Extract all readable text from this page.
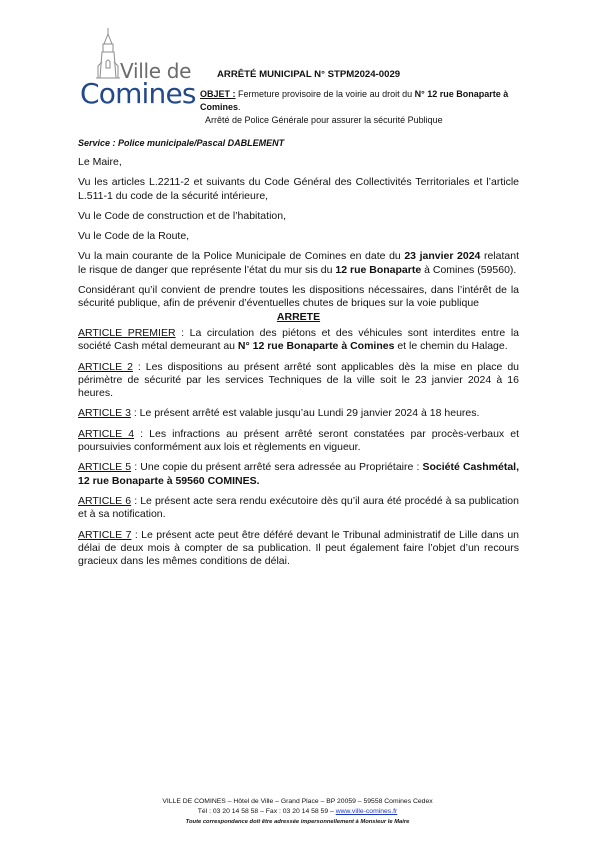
Ville de
Comines
ARRÊTÉ MUNICIPAL N° STPM2024-0029
OBJET : Fermeture provisoire de la voirie au droit du N° 12 rue Bonaparte à Comines.
Arrêté de Police Générale pour assurer la sécurité Publique
Service : Police municipale/Pascal DABLEMENT

Le Maire,

Vu les articles L.2211-2 et suivants du Code Général des Collectivités Territoriales et l’article L.511-1 du code de la sécurité intérieure,

Vu le Code de construction et de l’habitation,

Vu le Code de la Route,

Vu la main courante de la Police Municipale de Comines en date du 23 janvier 2024 relatant le risque de danger que représente l’état du mur sis du 12 rue Bonaparte à Comines (59560).

Considérant qu’il convient de prendre toutes les dispositions nécessaires, dans l’intérêt de la sécurité publique, afin de prévenir d’éventuelles chutes de briques sur la voie publique

ARRETE

ARTICLE PREMIER : La circulation des piétons et des véhicules sont interdites entre la société Cash métal demeurant au N° 12 rue Bonaparte à Comines et le chemin du Halage.

ARTICLE 2 : Les dispositions au présent arrêté sont applicables dès la mise en place du périmètre de sécurité par les services Techniques de la ville soit le 23 janvier 2024 à 16 heures.

ARTICLE 3 : Le présent arrêté est valable jusqu’au Lundi 29 janvier 2024 à 18 heures.

ARTICLE 4 : Les infractions au présent arrêté seront constatées par procès-verbaux et poursuivies conformément aux lois et règlements en vigueur.

ARTICLE 5 : Une copie du présent arrêté sera adressée au Propriétaire : Société Cashmétal, 12 rue Bonaparte à 59560 COMINES.

ARTICLE 6 : Le présent acte sera rendu exécutoire dès qu’il aura été procédé à sa publication et à sa notification.

ARTICLE 7 : Le présent acte peut être déféré devant le Tribunal administratif de Lille dans un délai de deux mois à compter de sa publication. Il peut également faire l’objet d’un recours gracieux dans les mêmes conditions de délai.

VILLE DE COMINES – Hôtel de Ville – Grand Place – BP 20059 – 59558 Comines Cedex
Tél : 03 20 14 58 58 – Fax : 03 20 14 58 59 – www.ville-comines.fr
Toute correspondance doit être adressée impersonnellement à Monsieur le Maire
